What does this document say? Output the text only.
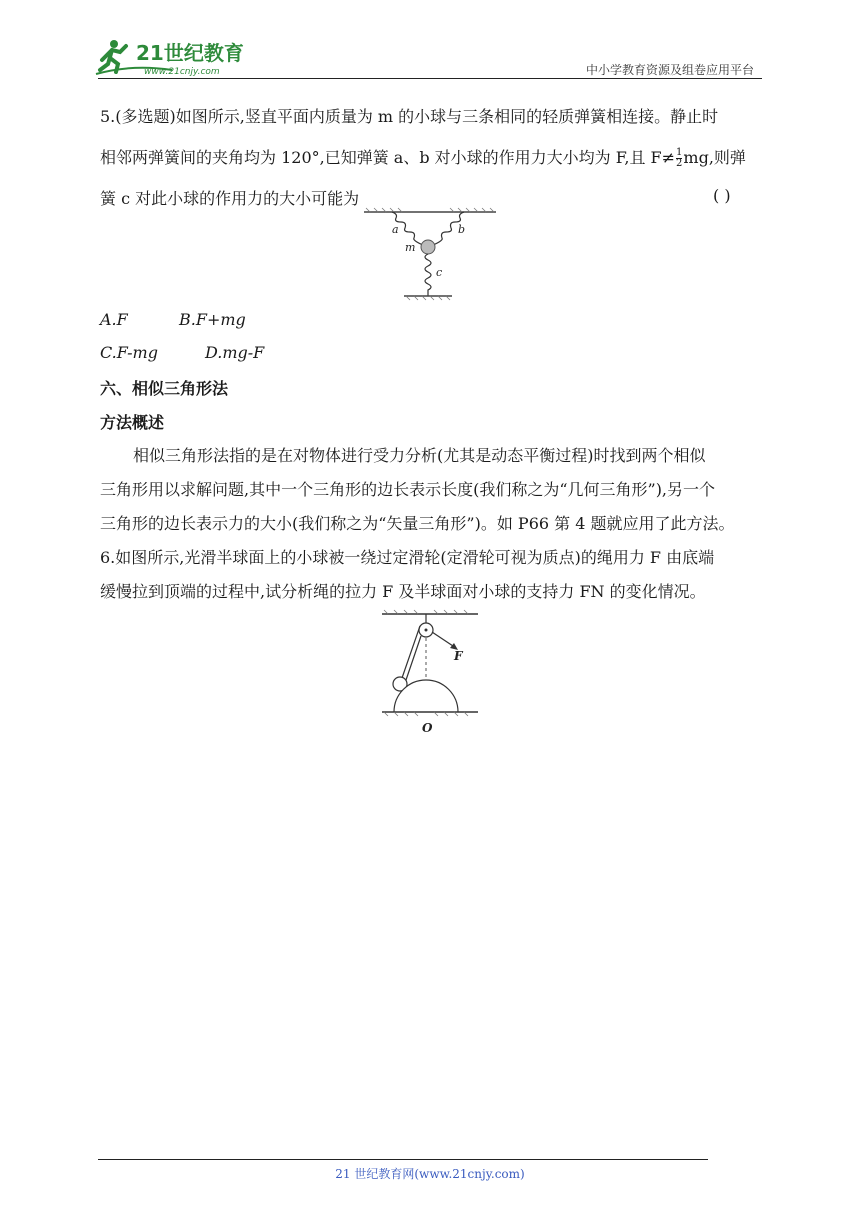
21世纪教育
www.21cnjy.com	中小学教育资源及组卷应用平台
5.(多选题)如图所示,竖直平面内质量为 m 的小球与三条相同的轻质弹簧相连接。静止时
相邻两弹簧间的夹角均为 120°,已知弹簧 a、b 对小球的作用力大小均为 F,且 $F\ne \frac{1}{2}$ mg,则弹
簧 c 对此小球的作用力的大小可能为	( )
a	b
m
c
A.F	B.F+mg
C.F-mg	D.mg-F
六、相似三角形法
方法概述
相似三角形法指的是在对物体进行受力分析(尤其是动态平衡过程)时找到两个相似
三角形用以求解问题,其中一个三角形的边长表示长度(我们称之为“几何三角形”),另一个
三角形的边长表示力的大小(我们称之为“矢量三角形”)。如 P66 第 4 题就应用了此方法。
6.如图所示,光滑半球面上的小球被一绕过定滑轮(定滑轮可视为质点)的绳用力 F 由底端
缓慢拉到顶端的过程中,试分析绳的拉力 F 及半球面对小球的支持力 FN 的变化情况。
F
O
21 世纪教育网(www.21cnjy.com)
